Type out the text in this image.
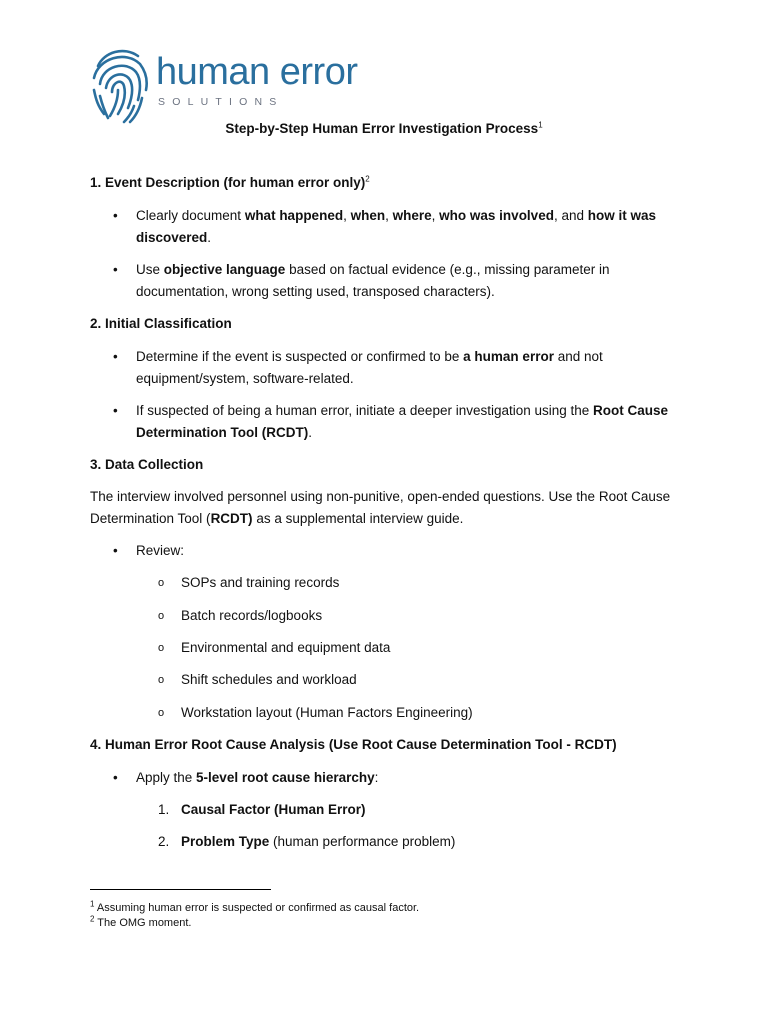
human error
SOLUTIONS
Step-by-Step Human Error Investigation Process$^1$
1. Event Description (for human error only)$^2$
•	Clearly document what happened, when, where, who was involved, and how it was discovered.
•	Use objective language based on factual evidence (e.g., missing parameter in documentation, wrong setting used, transposed characters).
2. Initial Classification
•	Determine if the event is suspected or confirmed to be a human error and not equipment/system, software-related.
•	If suspected of being a human error, initiate a deeper investigation using the Root Cause Determination Tool (RCDT).
3. Data Collection
The interview involved personnel using non-punitive, open-ended questions. Use the Root Cause Determination Tool (RCDT) as a supplemental interview guide.
•	Review:
o SOPs and training records
o Batch records/logbooks
o Environmental and equipment data
o Shift schedules and workload
o Workstation layout (Human Factors Engineering)
4. Human Error Root Cause Analysis (Use Root Cause Determination Tool - RCDT)
•	Apply the 5-level root cause hierarchy:
1. Causal Factor (Human Error)
2. Problem Type (human performance problem)
$^1$ Assuming human error is suspected or confirmed as causal factor.
$^2$ The OMG moment.
